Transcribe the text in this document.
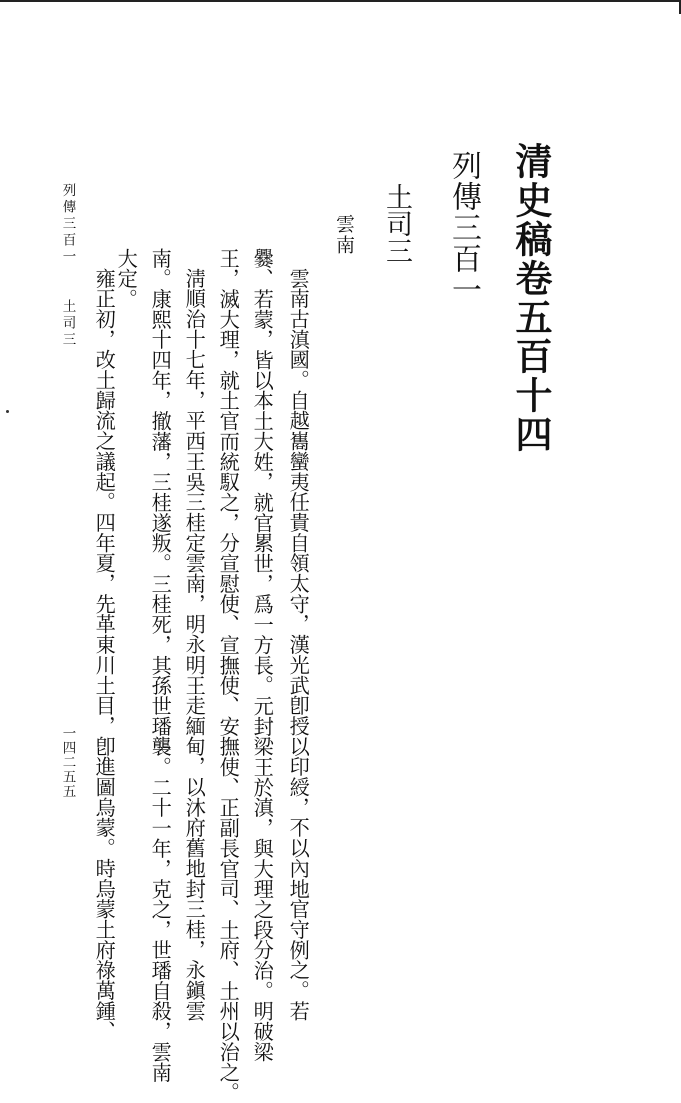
清史稿卷五百十四
列傳三百一
土司三
雲南
雲南古滇國。自越巂蠻夷任貴自領太守，漢光武卽授以印綬，不以內地官守例之。若
爨、若蒙，皆以本土大姓，就官累世，爲一方長。元封梁王於滇，與大理之段分治。明破梁
王，滅大理，就土官而統馭之，分宣慰使、宣撫使、安撫使、正副長官司、土府、土州以治之。
淸順治十七年，平西王吳三桂定雲南，明永明王走緬甸，以沐府舊地封三桂，永鎭雲
南。康熙十四年，撤藩，三桂遂叛。三桂死，其孫世璠襲。二十一年，克之，世璠自殺，雲南
大定。
雍正初，改土歸流之議起。四年夏，先革東川土目，卽進圖烏蒙。時烏蒙土府祿萬鍾、
列傳三百一
土司三
一四二五五
